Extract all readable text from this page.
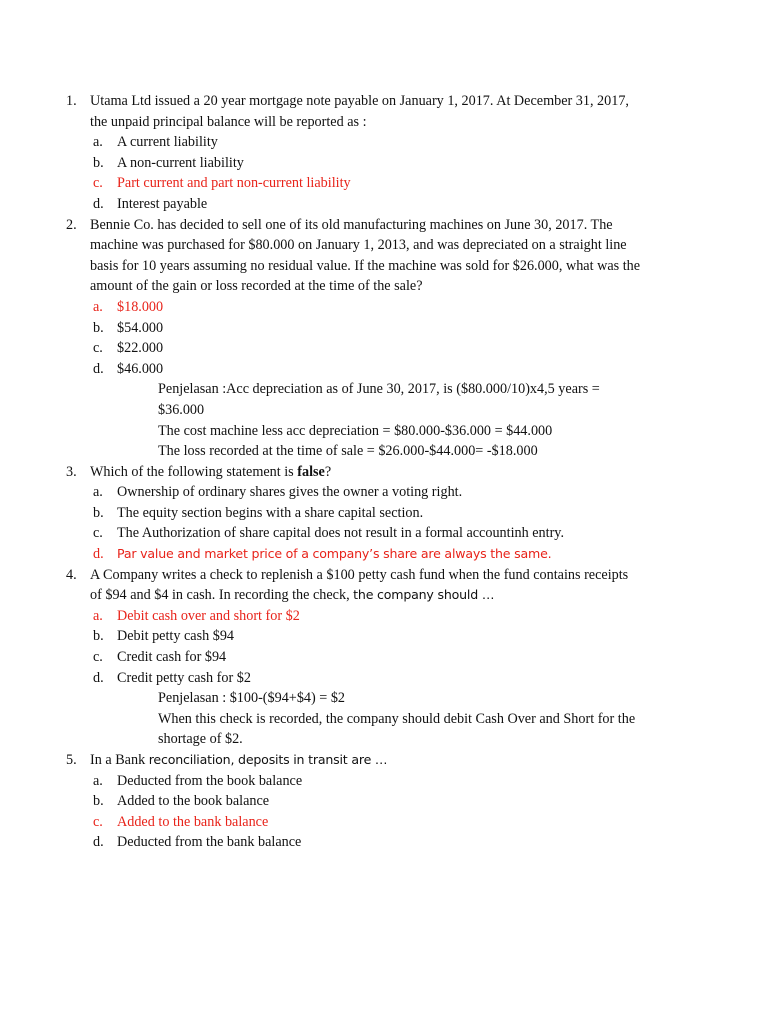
1. Utama Ltd issued a 20 year mortgage note payable on January 1, 2017. At December 31, 2017,
the unpaid principal balance will be reported as :
a. A current liability
b. A non-current liability
c. Part current and part non-current liability
d. Interest payable
2. Bennie Co. has decided to sell one of its old manufacturing machines on June 30, 2017. The
machine was purchased for $80.000 on January 1, 2013, and was depreciated on a straight line
basis for 10 years assuming no residual value. If the machine was sold for $26.000, what was the
amount of the gain or loss recorded at the time of the sale?
a. $18.000
b. $54.000
c. $22.000
d. $46.000

Penjelasan :Acc depreciation as of June 30, 2017, is ($80.000/10)x4,5 years =

$36.000

The cost machine less acc depreciation = $80.000-$36.000 = $44.000

The loss recorded at the time of sale = $26.000-$44.000= -$18.000

3. Which of the following statement is false?
a. Ownership of ordinary shares gives the owner a voting right.
b. The equity section begins with a share capital section.
c. The Authorization of share capital does not result in a formal accountinh entry.
d. Par value and market price of a company’s share are always the same.
4. A Company writes a check to replenish a $100 petty cash fund when the fund contains receipts
of $94 and $4 in cash. In recording the check, the company should …
a. Debit cash over and short for $2
b. Debit petty cash $94
c. Credit cash for $94
d. Credit petty cash for $2

Penjelasan : $100-($94+$4) = $2

When this check is recorded, the company should debit Cash Over and Short for the

shortage of $2.

5. In a Bank reconciliation, deposits in transit are …
a. Deducted from the book balance
b. Added to the book balance
c. Added to the bank balance
d. Deducted from the bank balance
